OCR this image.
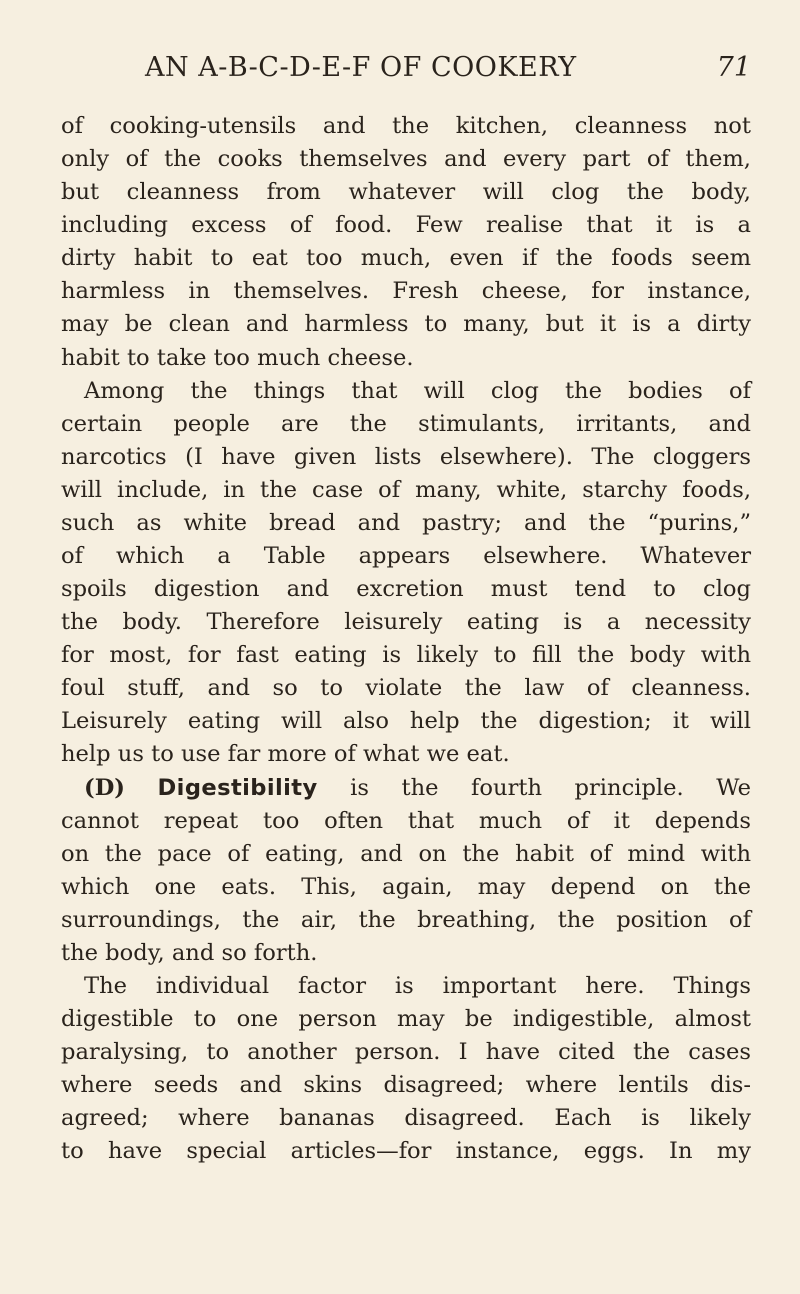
AN A-B-C-D-E-F OF COOKERY	71

of cooking-utensils and the kitchen, cleanness not
only of the cooks themselves and every part of them,
but cleanness from whatever will clog the body,
including excess of food. Few realise that it is a
dirty habit to eat too much, even if the foods seem
harmless in themselves. Fresh cheese, for instance,
may be clean and harmless to many, but it is a dirty
habit to take too much cheese.

Among the things that will clog the bodies of
certain people are the stimulants, irritants, and
narcotics (I have given lists elsewhere). The cloggers
will include, in the case of many, white, starchy foods,
such as white bread and pastry; and the “purins,”
of which a Table appears elsewhere. Whatever
spoils digestion and excretion must tend to clog
the body. Therefore leisurely eating is a necessity
for most, for fast eating is likely to fill the body with
foul stuff, and so to violate the law of cleanness.
Leisurely eating will also help the digestion; it will
help us to use far more of what we eat.

(D) Digestibility is the fourth principle. We
cannot repeat too often that much of it depends
on the pace of eating, and on the habit of mind with
which one eats. This, again, may depend on the
surroundings, the air, the breathing, the position of
the body, and so forth.

The individual factor is important here. Things
digestible to one person may be indigestible, almost
paralysing, to another person. I have cited the cases
where seeds and skins disagreed; where lentils dis-
agreed; where bananas disagreed. Each is likely
to have special articles—for instance, eggs. In my
